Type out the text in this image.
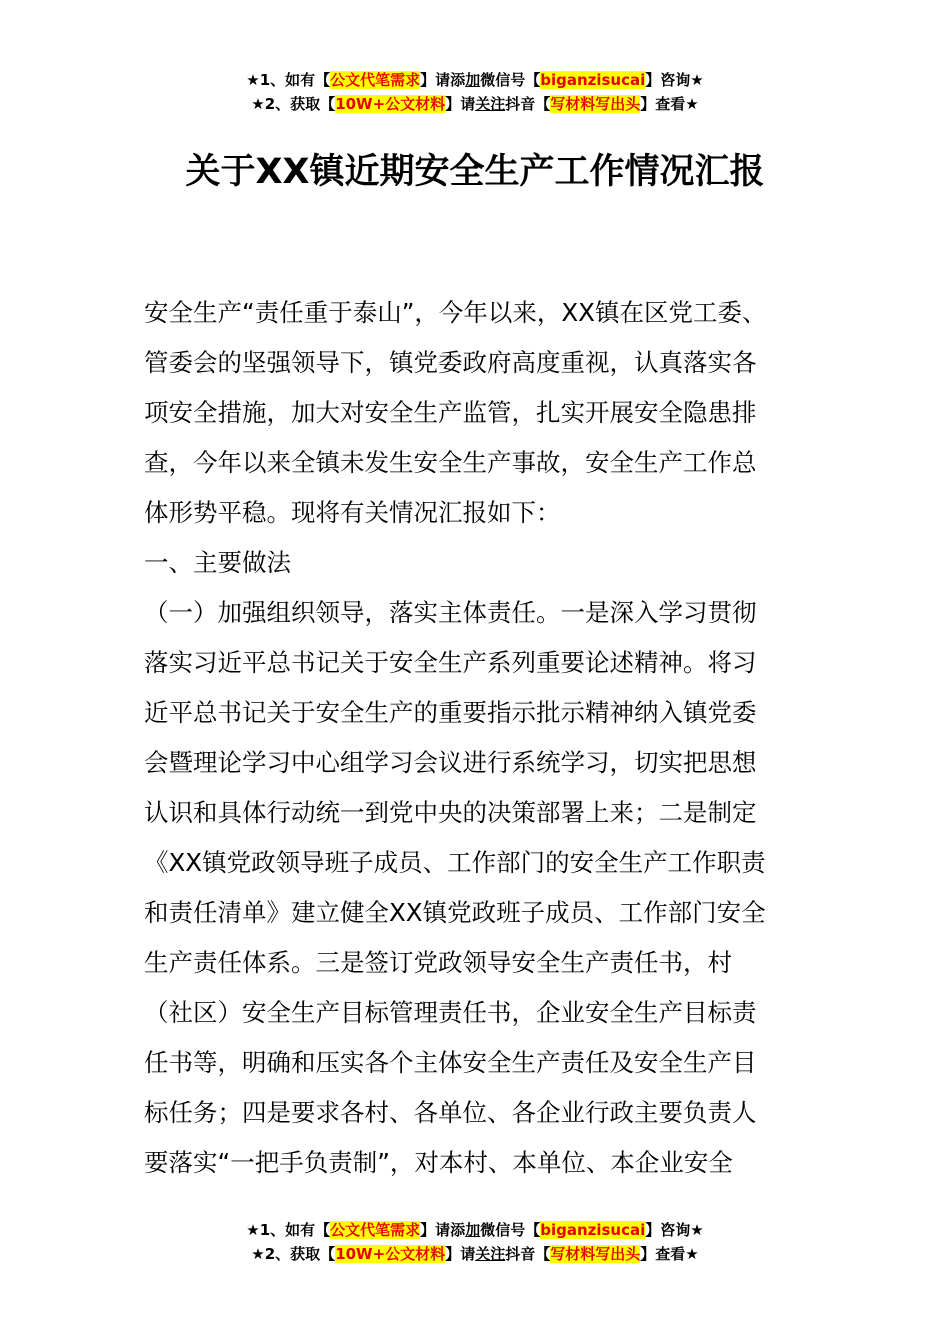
★1、如有【公文代笔需求】请添加微信号【biganzisucai】咨询★
★2、获取【10W+公文材料】请关注抖音【写材料写出头】查看★
关于XX镇近期安全生产工作情况汇报
安全生产“责任重于泰山”，今年以来，XX镇在区党工委、
管委会的坚强领导下，镇党委政府高度重视，认真落实各
项安全措施，加大对安全生产监管，扎实开展安全隐患排
查，今年以来全镇未发生安全生产事故，安全生产工作总
体形势平稳。现将有关情况汇报如下：
一、主要做法
（一）加强组织领导，落实主体责任。一是深入学习贯彻
落实习近平总书记关于安全生产系列重要论述精神。将习
近平总书记关于安全生产的重要指示批示精神纳入镇党委
会暨理论学习中心组学习会议进行系统学习，切实把思想
认识和具体行动统一到党中央的决策部署上来；二是制定
《XX镇党政领导班子成员、工作部门的安全生产工作职责
和责任清单》建立健全XX镇党政班子成员、工作部门安全
生产责任体系。三是签订党政领导安全生产责任书，村
（社区）安全生产目标管理责任书，企业安全生产目标责
任书等，明确和压实各个主体安全生产责任及安全生产目
标任务；四是要求各村、各单位、各企业行政主要负责人
要落实“一把手负责制”，对本村、本单位、本企业安全
★1、如有【公文代笔需求】请添加微信号【biganzisucai】咨询★
★2、获取【10W+公文材料】请关注抖音【写材料写出头】查看★
